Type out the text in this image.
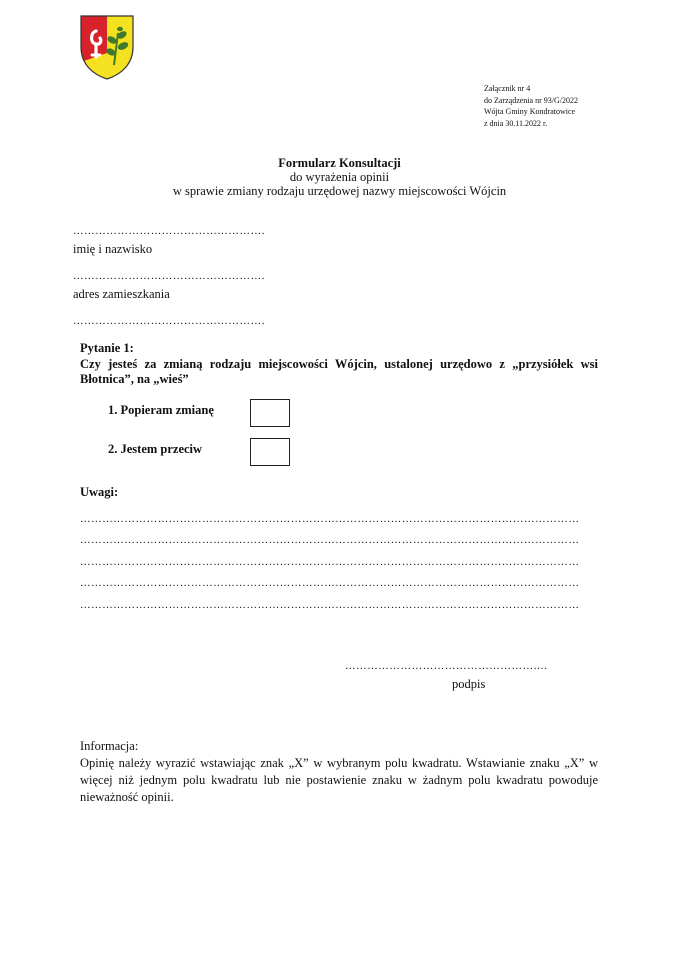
Załącznik nr 4
do Zarządzenia nr 93/G/2022
Wójta Gminy Kondratowice
z dnia 30.11.2022 r.
Formularz Konsultacji
do wyrażenia opinii
w sprawie zmiany rodzaju urzędowej nazwy miejscowości Wójcin
…………………………………………….
imię i nazwisko
…………………………………………….
adres zamieszkania
…………………………………………….
Pytanie 1:
Czy jesteś za zmianą rodzaju miejscowości Wójcin, ustalonej urzędowo z „przysiółek wsi Błotnica”, na „wieś”
1. Popieram zmianę
2. Jestem przeciw
Uwagi:
………………………………………………………………………………………………………………………
………………………………………………………………………………………………………………………
………………………………………………………………………………………………………………………
………………………………………………………………………………………………………………………
………………………………………………………………………………………………………………………
…………………………………………….…
podpis
Informacja:
Opinię należy wyrazić wstawiając znak „X” w wybranym polu kwadratu. Wstawianie znaku „X” w więcej niż jednym polu kwadratu lub nie postawienie znaku w żadnym polu kwadratu powoduje nieważność opinii.
